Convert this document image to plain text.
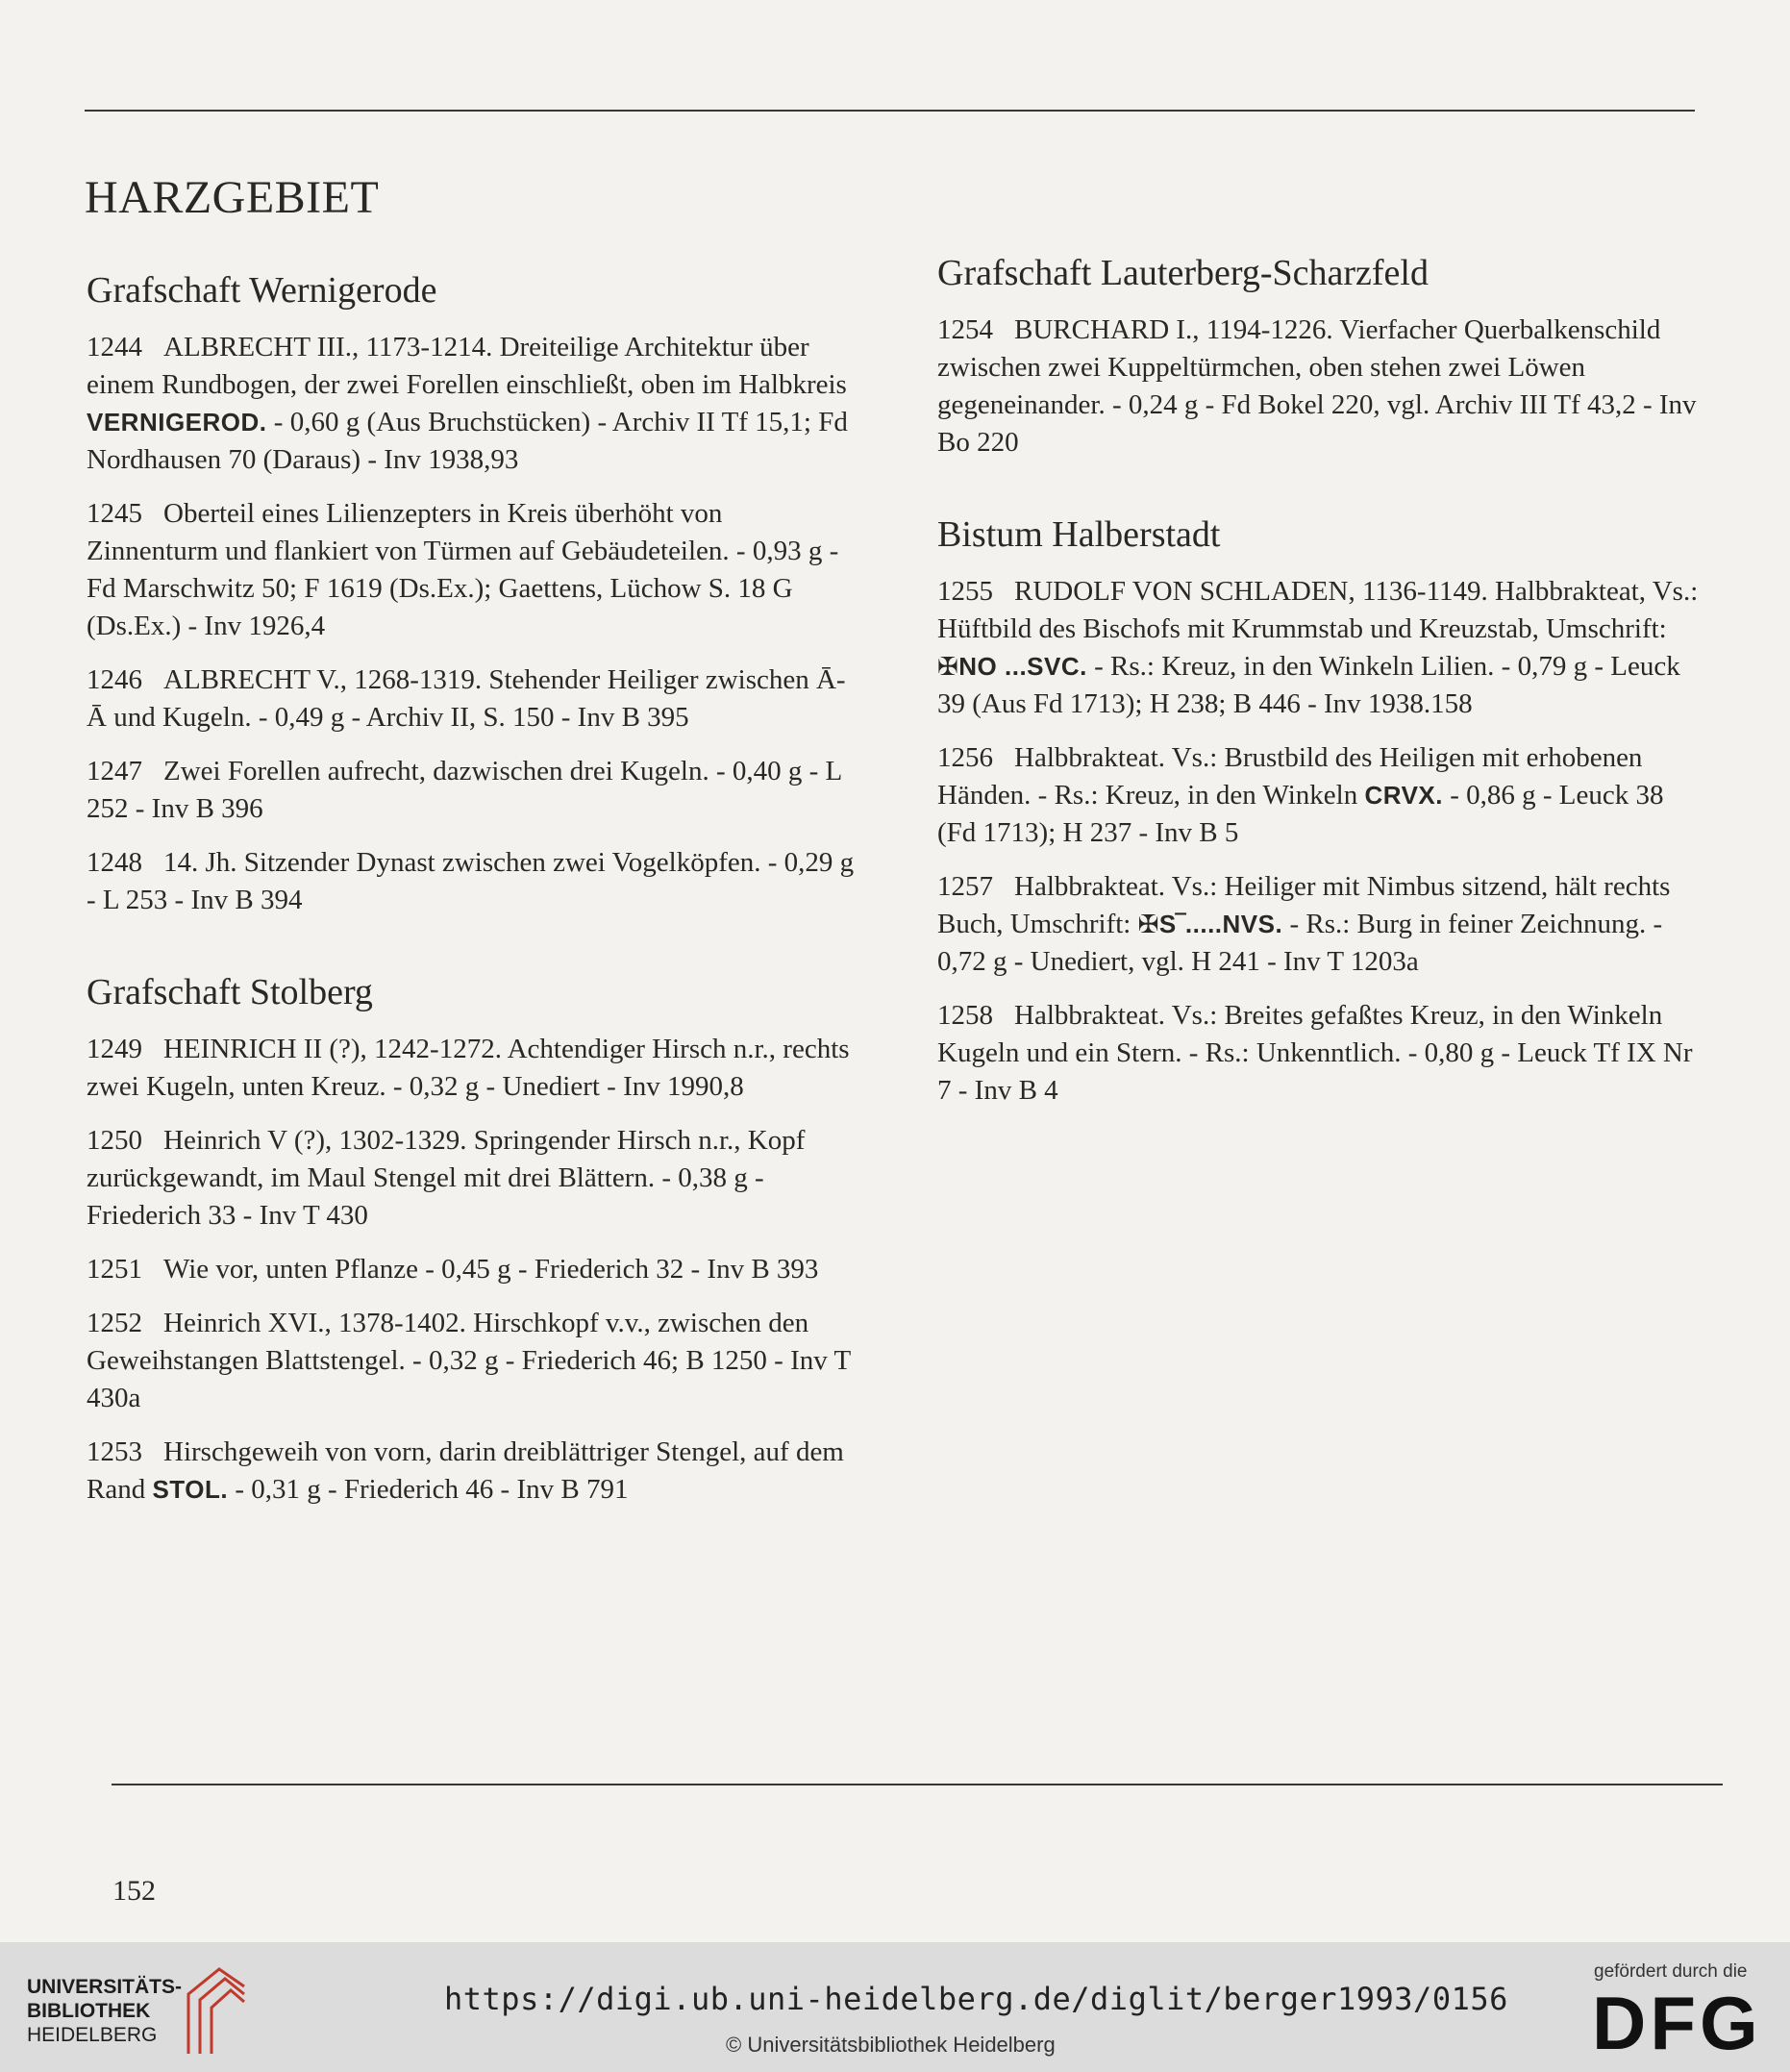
HARZGEBIET
Grafschaft Wernigerode

1244 ALBRECHT III., 1173-1214. Dreiteilige Architektur über einem Rundbogen, der zwei Forellen einschließt, oben im Halbkreis VERNIGEROD. - 0,60 g (Aus Bruchstücken) - Archiv II Tf 15,1; Fd Nordhausen 70 (Daraus) - Inv 1938,93

1245 Oberteil eines Lilienzepters in Kreis überhöht von Zinnenturm und flankiert von Türmen auf Gebäudeteilen. - 0,93 g - Fd Marschwitz 50; F 1619 (Ds.Ex.); Gaettens, Lüchow S. 18 G (Ds.Ex.) - Inv 1926,4

1246 ALBRECHT V., 1268-1319. Stehender Heiliger zwischen Ā-Ā und Kugeln. - 0,49 g - Archiv II, S. 150 - Inv B 395

1247 Zwei Forellen aufrecht, dazwischen drei Kugeln. - 0,40 g - L 252 - Inv B 396

1248 14. Jh. Sitzender Dynast zwischen zwei Vogelköpfen. - 0,29 g - L 253 - Inv B 394

Grafschaft Stolberg

1249 HEINRICH II (?), 1242-1272. Achtendiger Hirsch n.r., rechts zwei Kugeln, unten Kreuz. - 0,32 g - Unediert - Inv 1990,8

1250 Heinrich V (?), 1302-1329. Springender Hirsch n.r., Kopf zurückgewandt, im Maul Stengel mit drei Blättern. - 0,38 g - Friederich 33 - Inv T 430

1251 Wie vor, unten Pflanze - 0,45 g - Friederich 32 - Inv B 393

1252 Heinrich XVI., 1378-1402. Hirschkopf v.v., zwischen den Geweihstangen Blattstengel. - 0,32 g - Friederich 46; B 1250 - Inv T 430a

1253 Hirschgeweih von vorn, darin dreiblättriger Stengel, auf dem Rand STOL. - 0,31 g - Friederich 46 - Inv B 791

Grafschaft Lauterberg-Scharzfeld

1254 BURCHARD I., 1194-1226. Vierfacher Querbalkenschild zwischen zwei Kuppeltürmchen, oben stehen zwei Löwen gegeneinander. - 0,24 g - Fd Bokel 220, vgl. Archiv III Tf 43,2 - Inv Bo 220

Bistum Halberstadt

1255 RUDOLF VON SCHLADEN, 1136-1149. Halbbrakteat, Vs.: Hüftbild des Bischofs mit Krummstab und Kreuzstab, Umschrift: ✠NO ...SVC. - Rs.: Kreuz, in den Winkeln Lilien. - 0,79 g - Leuck 39 (Aus Fd 1713); H 238; B 446 - Inv 1938.158

1256 Halbbrakteat. Vs.: Brustbild des Heiligen mit erhobenen Händen. - Rs.: Kreuz, in den Winkeln CRVX. - 0,86 g - Leuck 38 (Fd 1713); H 237 - Inv B 5

1257 Halbbrakteat. Vs.: Heiliger mit Nimbus sitzend, hält rechts Buch, Umschrift: ✠S‾.....NVS. - Rs.: Burg in feiner Zeichnung. - 0,72 g - Unediert, vgl. H 241 - Inv T 1203a

1258 Halbbrakteat. Vs.: Breites gefaßtes Kreuz, in den Winkeln Kugeln und ein Stern. - Rs.: Unkenntlich. - 0,80 g - Leuck Tf IX Nr 7 - Inv B 4

152
UNIVERSITÄTS-
BIBLIOTHEK
HEIDELBERG
https://digi.ub.uni-heidelberg.de/diglit/berger1993/0156
© Universitätsbibliothek Heidelberg
gefördert durch die
DFG
